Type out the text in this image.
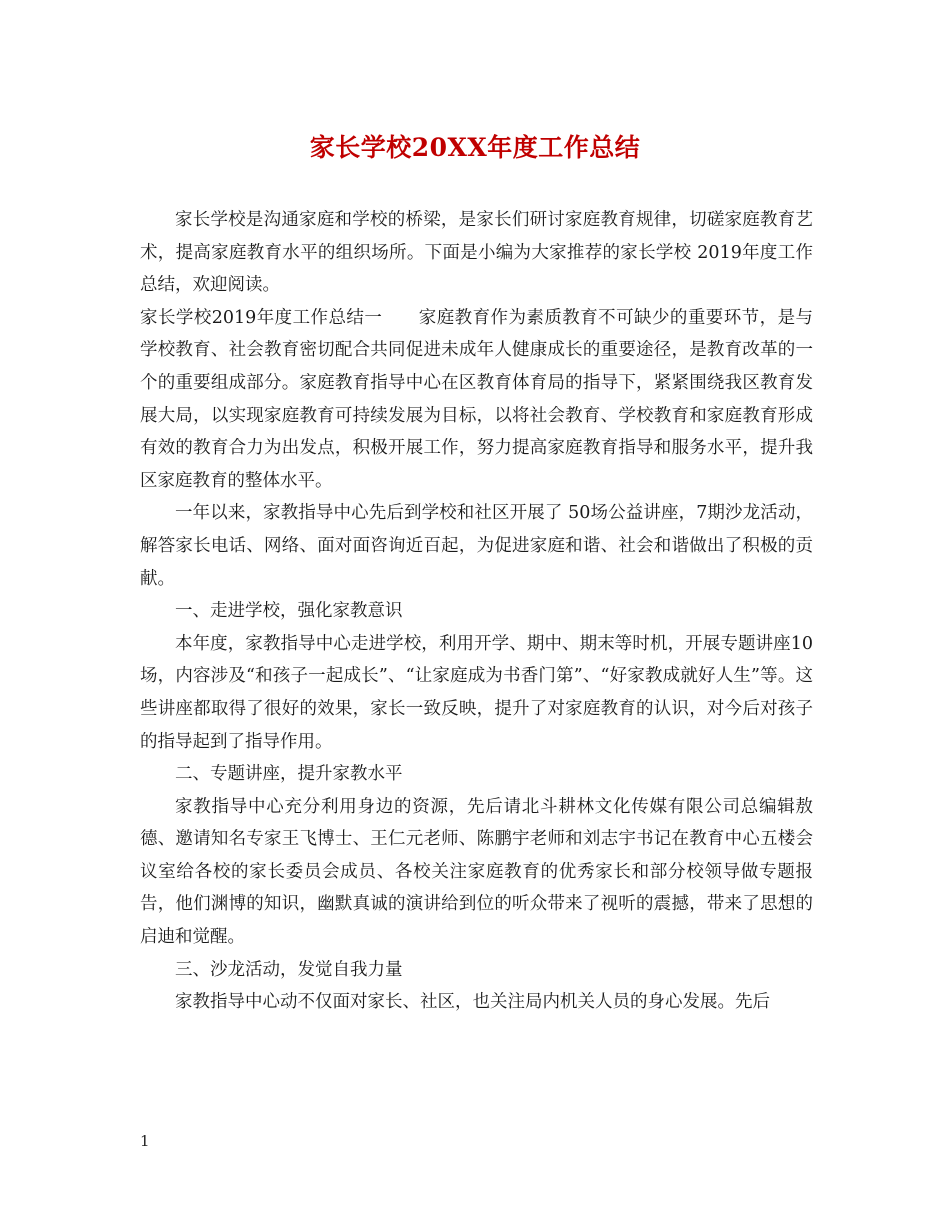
家长学校20XX年度工作总结

家长学校是沟通家庭和学校的桥梁，是家长们研讨家庭教育规律，切磋家庭教育艺术，提高家庭教育水平的组织场所。下面是小编为大家推荐的家长学校 2019年度工作总结，欢迎阅读。

家长学校2019年度工作总结一 家庭教育作为素质教育不可缺少的重要环节，是与学校教育、社会教育密切配合共同促进未成年人健康成长的重要途径，是教育改革的一个的重要组成部分。家庭教育指导中心在区教育体育局的指导下，紧紧围绕我区教育发展大局，以实现家庭教育可持续发展为目标，以将社会教育、学校教育和家庭教育形成有效的教育合力为出发点，积极开展工作，努力提高家庭教育指导和服务水平，提升我区家庭教育的整体水平。

一年以来，家教指导中心先后到学校和社区开展了 50场公益讲座，7期沙龙活动，解答家长电话、网络、面对面咨询近百起，为促进家庭和谐、社会和谐做出了积极的贡献。

一、走进学校，强化家教意识

本年度，家教指导中心走进学校，利用开学、期中、期末等时机，开展专题讲座10场，内容涉及“和孩子一起成长”、“让家庭成为书香门第”、“好家教成就好人生”等。这些讲座都取得了很好的效果，家长一致反映，提升了对家庭教育的认识，对今后对孩子的指导起到了指导作用。

二、专题讲座，提升家教水平

家教指导中心充分利用身边的资源，先后请北斗耕林文化传媒有限公司总编辑敖德、邀请知名专家王飞博士、王仁元老师、陈鹏宇老师和刘志宇书记在教育中心五楼会议室给各校的家长委员会成员、各校关注家庭教育的优秀家长和部分校领导做专题报告，他们渊博的知识，幽默真诚的演讲给到位的听众带来了视听的震撼，带来了思想的启迪和觉醒。

三、沙龙活动，发觉自我力量

家教指导中心动不仅面对家长、社区，也关注局内机关人员的身心发展。先后

1
